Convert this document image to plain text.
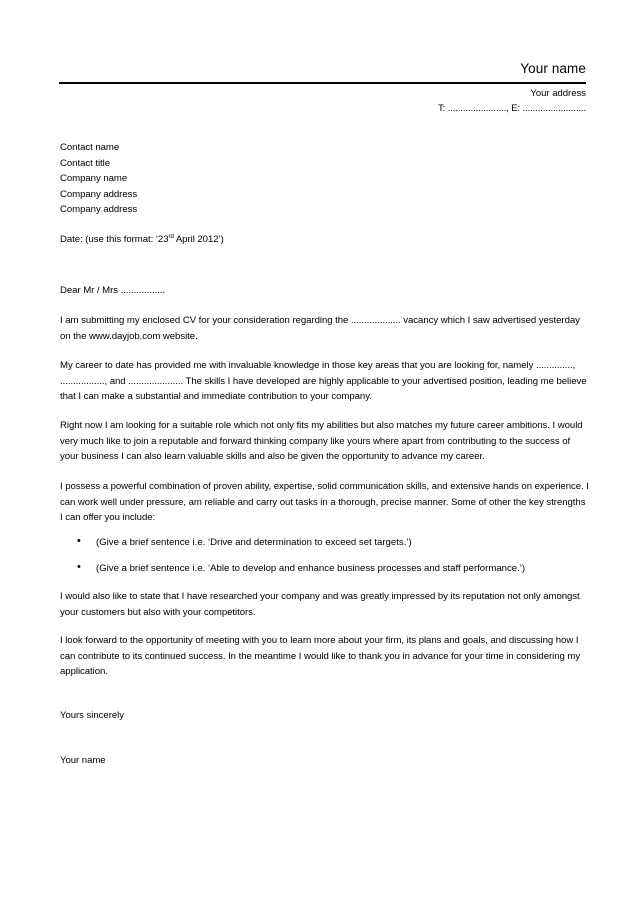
Your name
Your address
T: ......................., E: .........................
Contact name
Contact title
Company name
Company address
Company address
Date: (use this format: ‘23rd April 2012’)
Dear Mr / Mrs .................
I am submitting my enclosed CV for your consideration regarding the ................... vacancy which I saw advertised yesterday on the www.dayjob.com website.
My career to date has provided me with invaluable knowledge in those key areas that you are looking for, namely .............., ................., and ..................... The skills I have developed are highly applicable to your advertised position, leading me believe that I can make a substantial and immediate contribution to your company.
Right now I am looking for a suitable role which not only fits my abilities but also matches my future career ambitions. I would very much like to join a reputable and forward thinking company like yours where apart from contributing to the success of your business I can also learn valuable skills and also be given the opportunity to advance my career.
I possess a powerful combination of proven ability, expertise, solid communication skills, and extensive hands on experience. I can work well under pressure, am reliable and carry out tasks in a thorough, precise manner. Some of other the key strengths I can offer you include:
• (Give a brief sentence i.e. ‘Drive and determination to exceed set targets.’)
• (Give a brief sentence i.e. ‘Able to develop and enhance business processes and staff performance.’)
I would also like to state that I have researched your company and was greatly impressed by its reputation not only amongst your customers but also with your competitors.
I look forward to the opportunity of meeting with you to learn more about your firm, its plans and goals, and discussing how I can contribute to its continued success. In the meantime I would like to thank you in advance for your time in considering my application.
Yours sincerely
Your name
